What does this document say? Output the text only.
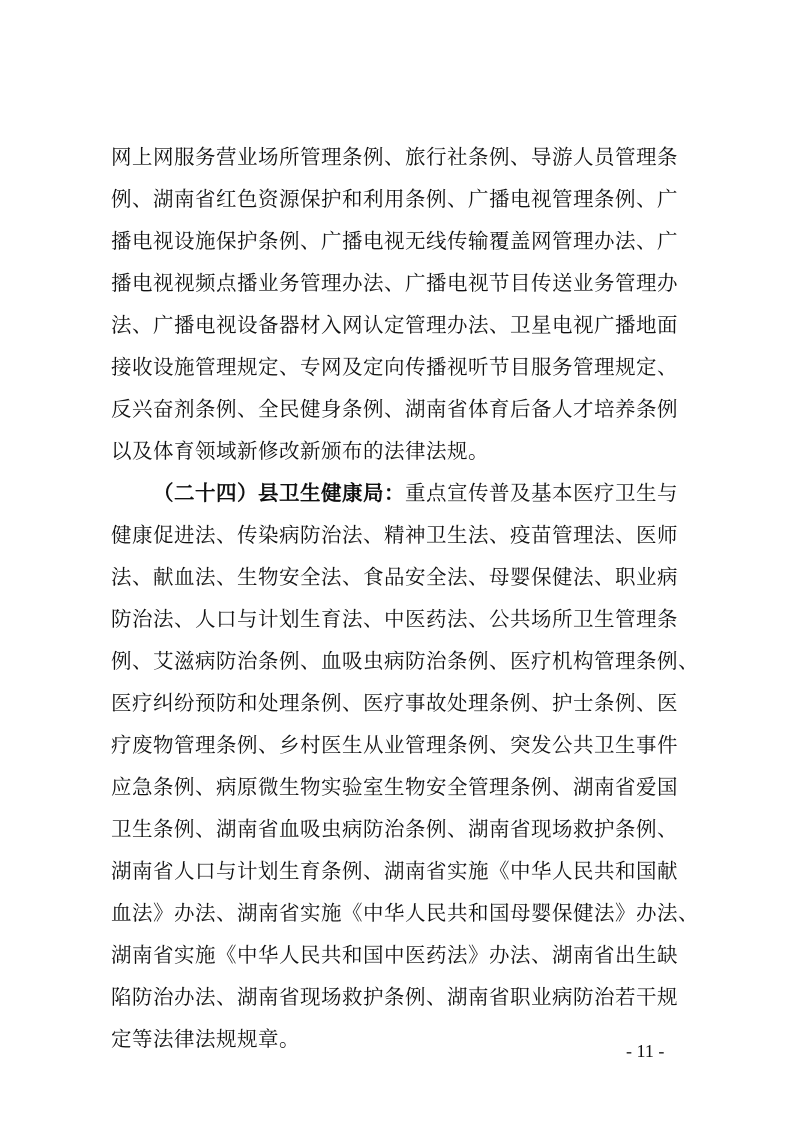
网上网服务营业场所管理条例、旅行社条例、导游人员管理条
例、湖南省红色资源保护和利用条例、广播电视管理条例、广
播电视设施保护条例、广播电视无线传输覆盖网管理办法、广
播电视视频点播业务管理办法、广播电视节目传送业务管理办
法、广播电视设备器材入网认定管理办法、卫星电视广播地面
接收设施管理规定、专网及定向传播视听节目服务管理规定、
反兴奋剂条例、全民健身条例、湖南省体育后备人才培养条例
以及体育领域新修改新颁布的法律法规。
（二十四）县卫生健康局：重点宣传普及基本医疗卫生与
健康促进法、传染病防治法、精神卫生法、疫苗管理法、医师
法、献血法、生物安全法、食品安全法、母婴保健法、职业病
防治法、人口与计划生育法、中医药法、公共场所卫生管理条
例、艾滋病防治条例、血吸虫病防治条例、医疗机构管理条例、
医疗纠纷预防和处理条例、医疗事故处理条例、护士条例、医
疗废物管理条例、乡村医生从业管理条例、突发公共卫生事件
应急条例、病原微生物实验室生物安全管理条例、湖南省爱国
卫生条例、湖南省血吸虫病防治条例、湖南省现场救护条例、
湖南省人口与计划生育条例、湖南省实施《中华人民共和国献
血法》办法、湖南省实施《中华人民共和国母婴保健法》办法、
湖南省实施《中华人民共和国中医药法》办法、湖南省出生缺
陷防治办法、湖南省现场救护条例、湖南省职业病防治若干规
定等法律法规规章。	- 11 -
